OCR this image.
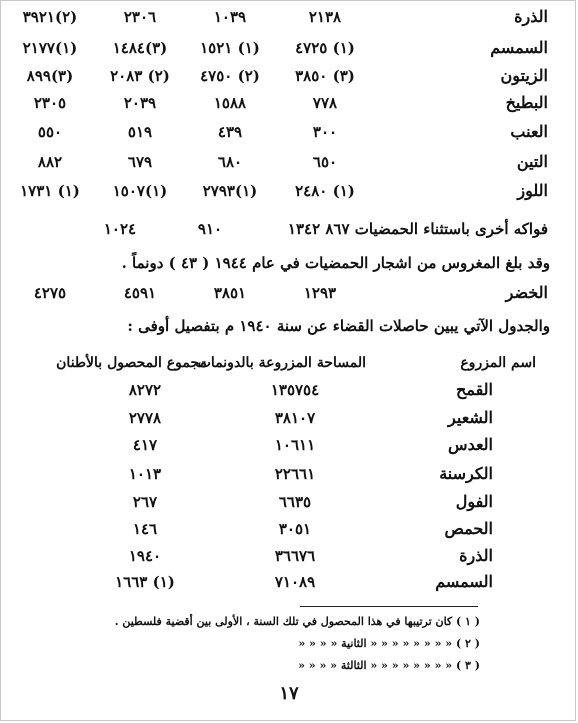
الذرة
٢١٣٨
١٠٣٩
٢٣٠٦
(٢)٣٩٢١
السمسم
(١) ٤٧٢٥
(١) ١٥٢١
(٣)١٤٨٤
(١)٢١٧٧
الزيتون
(٣) ٣٨٥٠
(٢) ٤٧٥٠
(٢) ٢٠٨٣
(٣)٨٩٩
البطيخ
٧٧٨
١٥٨٨
٢٠٣٩
٢٣٠٥
العنب
٣٠٠
٤٣٩
٥١٩
٥٥٠
التين
٦٥٠
٦٨٠
٦٧٩
٨٨٢
اللوز
(١) ٢٤٨٠
(١)٢٧٩٣
(١)١٥٠٧
(١) ١٧٣١
فواكه أخرى باستثناء الحمضيات ٨٦٧ ١٣٤٢
٩١٠
١٠٢٤
وقد بلغ المغروس من اشجار الحمضيات في عام ١٩٤٤ ( ٤٣ ) دونماً .
الخضر
١٢٩٣
٣٨٥١
٤٥٩١
٤٢٧٥
والجدول الآتي يبين حاصلات القضاء عن سنة ١٩٤٠ م بتفصيل أوفى :
اسم المزروع
المساحة المزروعة بالدونمات
مجموع المحصول بالأطنان
القمح
١٣٥٧٥٤
٨٢٧٢
الشعير
٣٨١٠٧
٢٧٧٨
العدس
١٠٦١١
٤١٧
الكرسنة
٢٢٦٦١
١٠١٣
الفول
٦٦٣٥
٢٦٧
الحمص
٣٠٥١
١٤٦
الذرة
٣٦٦٧٦
١٩٤٠
السمسم
٧١٠٨٩
(١) ١٦٦٣
( ١ ) كان ترتيبها في هذا المحصول في تلك السنة ، الأولى بين أقضية فلسطين .
( ٢ ) « « « « « « « « الثانية « « « «
( ٣ ) « « « « « « « « الثالثة « « « «
١٧
